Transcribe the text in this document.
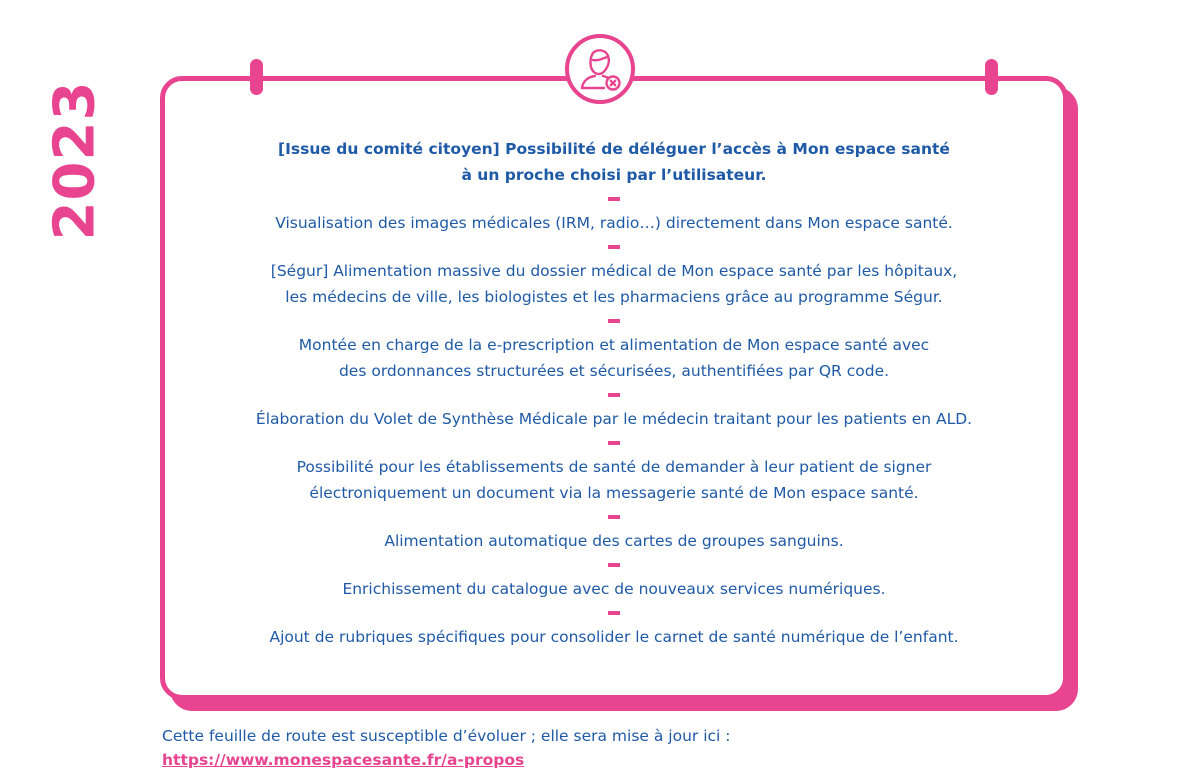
2023	[Issue du comité citoyen] Possibilité de déléguer l’accès à Mon espace santé
à un proche choisi par l’utilisateur.

Visualisation des images médicales (IRM, radio…) directement dans Mon espace santé.

[Ségur] Alimentation massive du dossier médical de Mon espace santé par les hôpitaux,
les médecins de ville, les biologistes et les pharmaciens grâce au programme Ségur.

Montée en charge de la e-prescription et alimentation de Mon espace santé avec
des ordonnances structurées et sécurisées, authentifiées par QR code.

Élaboration du Volet de Synthèse Médicale par le médecin traitant pour les patients en ALD.

Possibilité pour les établissements de santé de demander à leur patient de signer
électroniquement un document via la messagerie santé de Mon espace santé.

Alimentation automatique des cartes de groupes sanguins.

Enrichissement du catalogue avec de nouveaux services numériques.

Ajout de rubriques spécifiques pour consolider le carnet de santé numérique de l’enfant.

Cette feuille de route est susceptible d’évoluer ; elle sera mise à jour ici :
https://www.monespacesante.fr/a-propos
